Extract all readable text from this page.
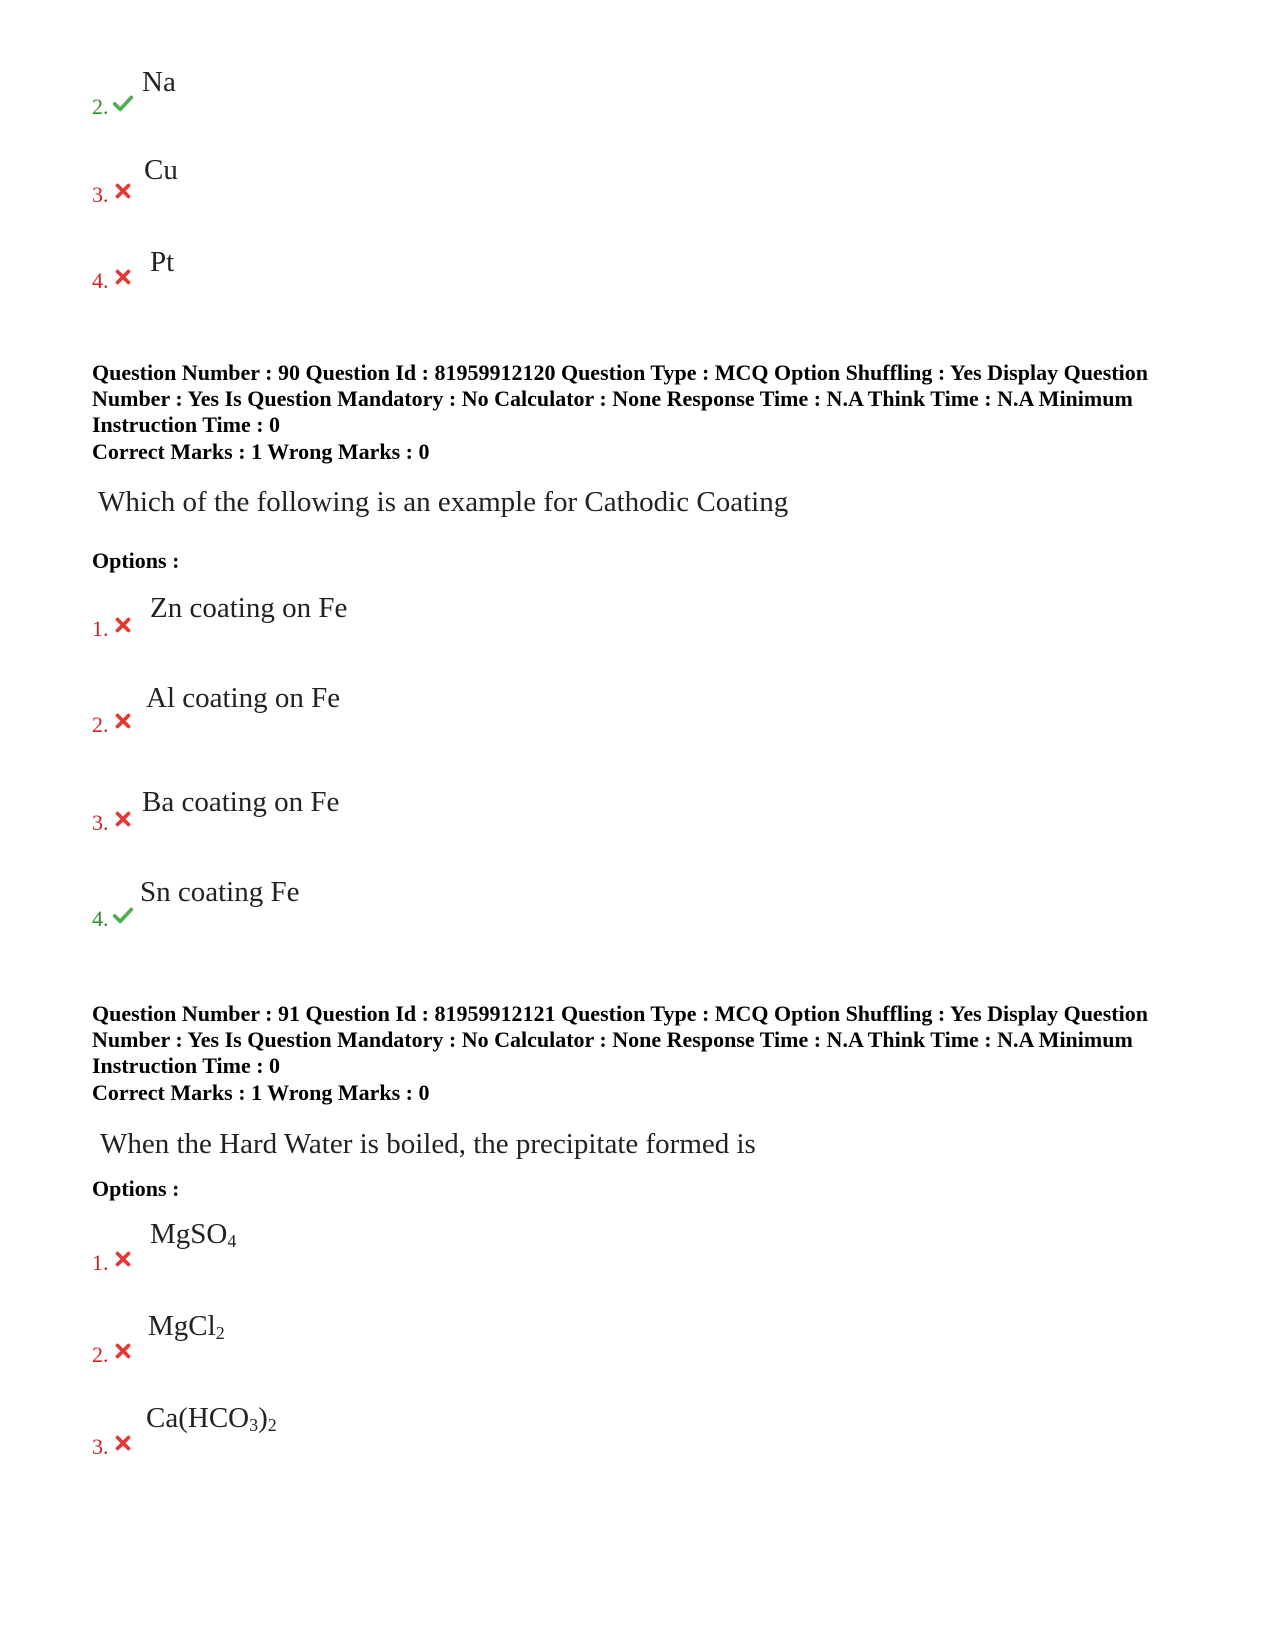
2.
Na
3.
Cu
4.
Pt
Question Number : 90 Question Id : 81959912120 Question Type : MCQ Option Shuffling : Yes Display Question Number : Yes Is Question Mandatory : No Calculator : None Response Time : N.A Think Time : N.A Minimum Instruction Time : 0
Correct Marks : 1 Wrong Marks : 0
Which of the following is an example for Cathodic Coating
Options :
1.
Zn coating on Fe
2.
Al coating on Fe
3.
Ba coating on Fe
4.
Sn coating Fe
Question Number : 91 Question Id : 81959912121 Question Type : MCQ Option Shuffling : Yes Display Question Number : Yes Is Question Mandatory : No Calculator : None Response Time : N.A Think Time : N.A Minimum Instruction Time : 0
Correct Marks : 1 Wrong Marks : 0
When the Hard Water is boiled, the precipitate formed is
Options :
1.
MgSO$_4$
2.
MgCl$_2$
3.
$Ca(HCO_3)_2$
